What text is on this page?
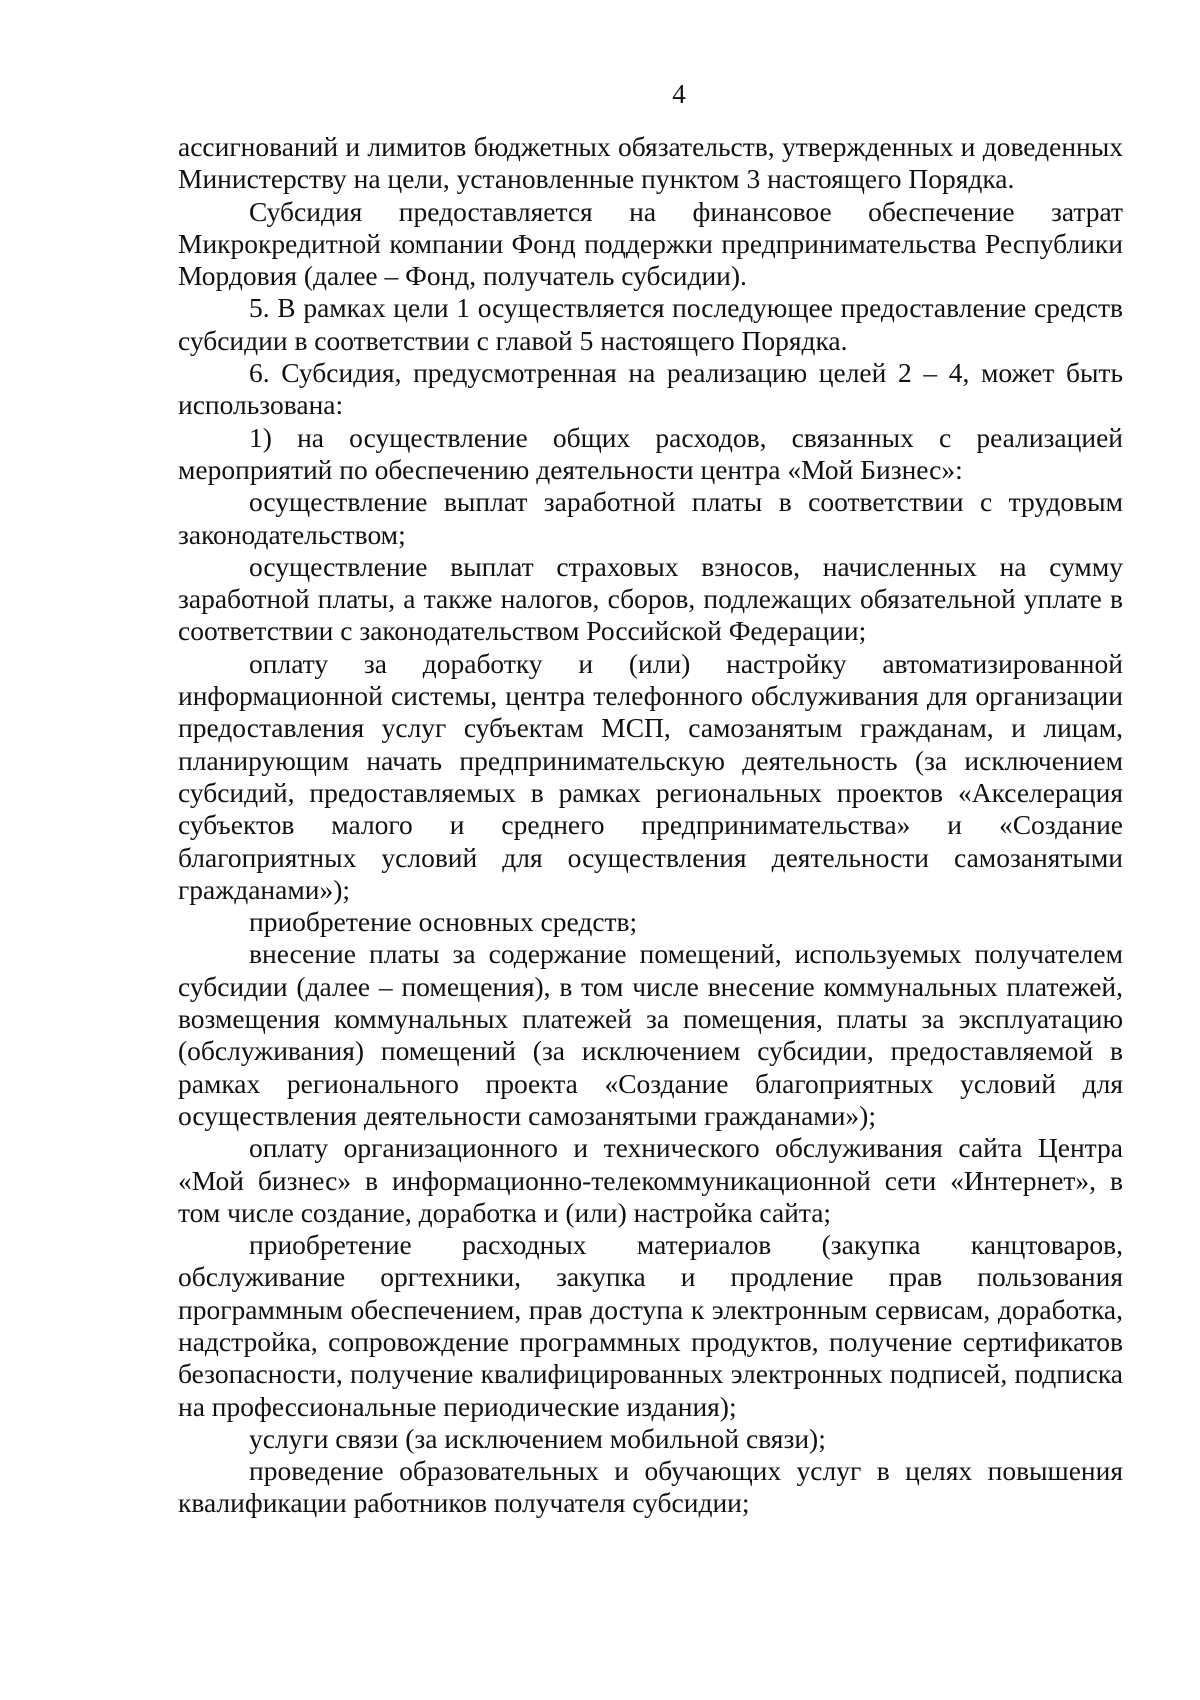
4

ассигнований и лимитов бюджетных обязательств, утвержденных и доведенных Министерству на цели, установленные пунктом 3 настоящего Порядка.

Субсидия предоставляется на финансовое обеспечение затрат Микрокредитной компании Фонд поддержки предпринимательства Республики Мордовия (далее – Фонд, получатель субсидии).

5. В рамках цели 1 осуществляется последующее предоставление средств субсидии в соответствии с главой 5 настоящего Порядка.

6. Субсидия, предусмотренная на реализацию целей 2 – 4, может быть использована:

1) на осуществление общих расходов, связанных с реализацией мероприятий по обеспечению деятельности центра «Мой Бизнес»:

осуществление выплат заработной платы в соответствии с трудовым законодательством;

осуществление выплат страховых взносов, начисленных на сумму заработной платы, а также налогов, сборов, подлежащих обязательной уплате в соответствии с законодательством Российской Федерации;

оплату за доработку и (или) настройку автоматизированной информационной системы, центра телефонного обслуживания для организации предоставления услуг субъектам МСП, самозанятым гражданам, и лицам, планирующим начать предпринимательскую деятельность (за исключением субсидий, предоставляемых в рамках региональных проектов «Акселерация субъектов малого и среднего предпринимательства» и «Создание благоприятных условий для осуществления деятельности самозанятыми гражданами»);

приобретение основных средств;

внесение платы за содержание помещений, используемых получателем субсидии (далее – помещения), в том числе внесение коммунальных платежей, возмещения коммунальных платежей за помещения, платы за эксплуатацию (обслуживания) помещений (за исключением субсидии, предоставляемой в рамках регионального проекта «Создание благоприятных условий для осуществления деятельности самозанятыми гражданами»);

оплату организационного и технического обслуживания сайта Центра «Мой бизнес» в информационно-телекоммуникационной сети «Интернет», в том числе создание, доработка и (или) настройка сайта;

приобретение расходных материалов (закупка канцтоваров, обслуживание оргтехники, закупка и продление прав пользования программным обеспечением, прав доступа к электронным сервисам, доработка, надстройка, сопровождение программных продуктов, получение сертификатов безопасности, получение квалифицированных электронных подписей, подписка на профессиональные периодические издания);

услуги связи (за исключением мобильной связи);

проведение образовательных и обучающих услуг в целях повышения квалификации работников получателя субсидии;
